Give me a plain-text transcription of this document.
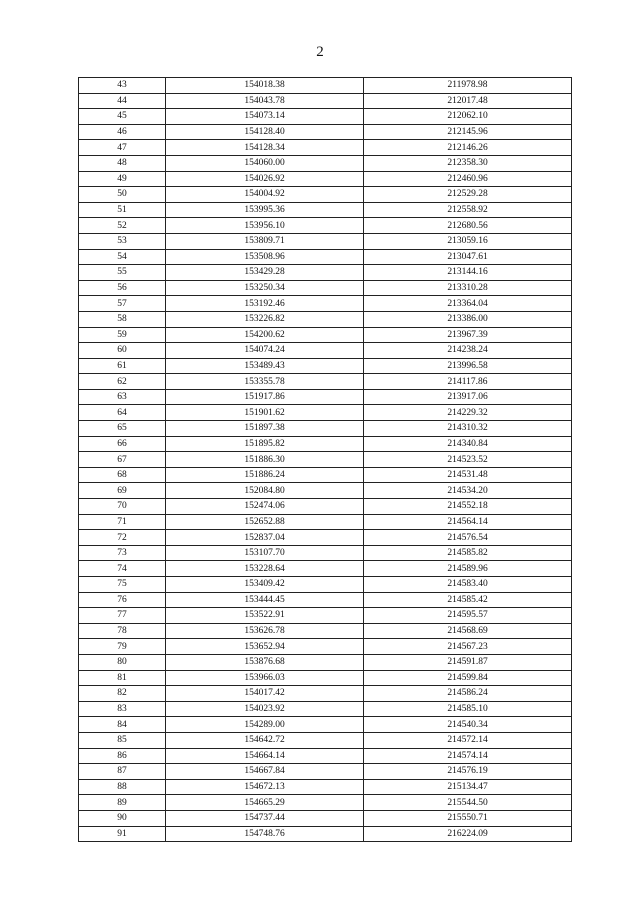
2
43	154018.38	211978.98
44	154043.78	212017.48
45	154073.14	212062.10
46	154128.40	212145.96
47	154128.34	212146.26
48	154060.00	212358.30
49	154026.92	212460.96
50	154004.92	212529.28
51	153995.36	212558.92
52	153956.10	212680.56
53	153809.71	213059.16
54	153508.96	213047.61
55	153429.28	213144.16
56	153250.34	213310.28
57	153192.46	213364.04
58	153226.82	213386.00
59	154200.62	213967.39
60	154074.24	214238.24
61	153489.43	213996.58
62	153355.78	214117.86
63	151917.86	213917.06
64	151901.62	214229.32
65	151897.38	214310.32
66	151895.82	214340.84
67	151886.30	214523.52
68	151886.24	214531.48
69	152084.80	214534.20
70	152474.06	214552.18
71	152652.88	214564.14
72	152837.04	214576.54
73	153107.70	214585.82
74	153228.64	214589.96
75	153409.42	214583.40
76	153444.45	214585.42
77	153522.91	214595.57
78	153626.78	214568.69
79	153652.94	214567.23
80	153876.68	214591.87
81	153966.03	214599.84
82	154017.42	214586.24
83	154023.92	214585.10
84	154289.00	214540.34
85	154642.72	214572.14
86	154664.14	214574.14
87	154667.84	214576.19
88	154672.13	215134.47
89	154665.29	215544.50
90	154737.44	215550.71
91	154748.76	216224.09
